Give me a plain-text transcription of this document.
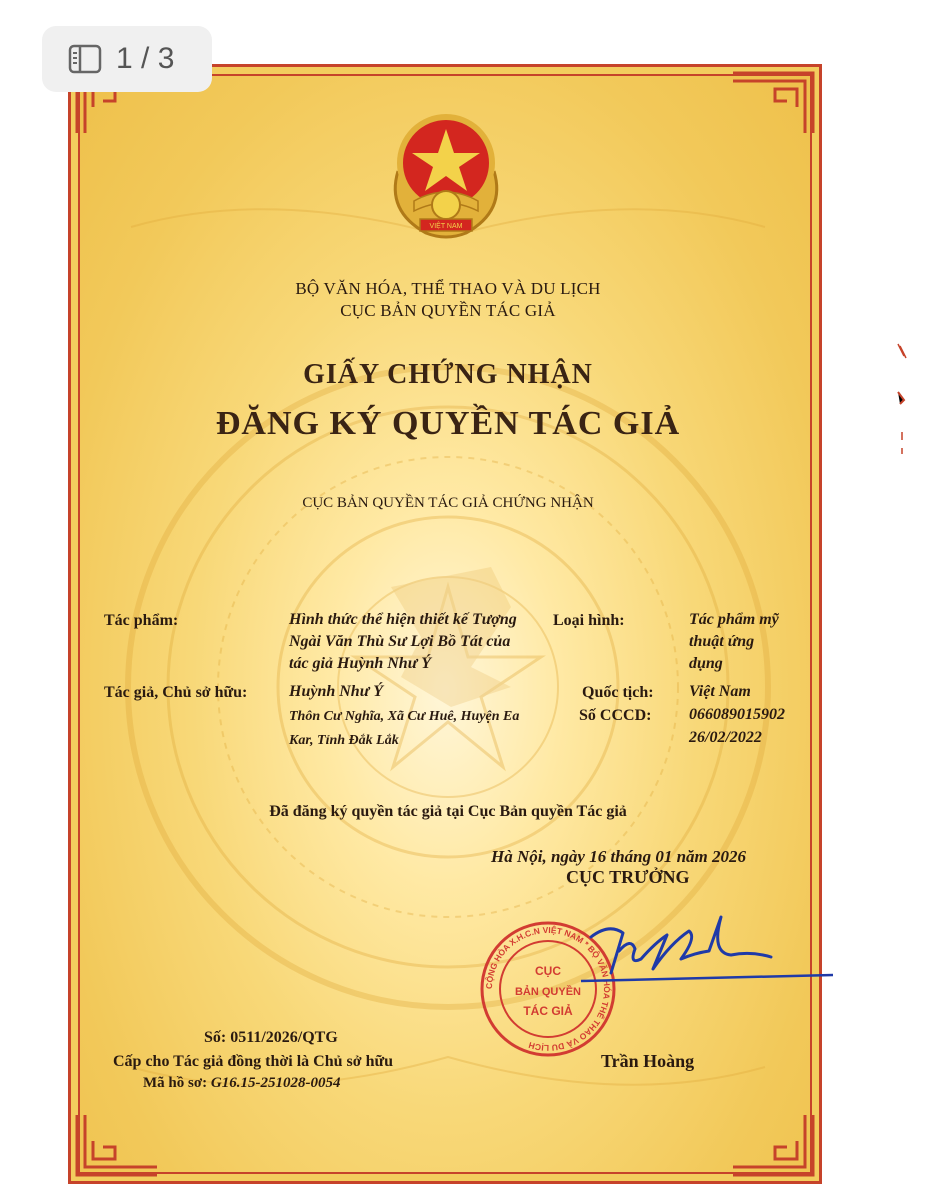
1 / 3
VIỆT NAM
BỘ VĂN HÓA, THỂ THAO VÀ DU LỊCH
CỤC BẢN QUYỀN TÁC GIẢ
GIẤY CHỨNG NHẬN
ĐĂNG KÝ QUYỀN TÁC GIẢ
CỤC BẢN QUYỀN TÁC GIẢ CHỨNG NHẬN
Tác phẩm:	Hình thức thể hiện thiết kế Tượng
Ngài Văn Thù Sư Lợi Bồ Tát của
tác giả Huỳnh Như Ý
Loại hình:	Tác phẩm mỹ
thuật ứng
dụng
Tác giả, Chủ sở hữu:	Huỳnh Như Ý
Thôn Cư Nghĩa, Xã Cư Huê, Huyện Ea
Kar, Tỉnh Đắk Lắk
Quốc tịch: Việt Nam
Số CCCD: 066089015902
26/02/2022
Đã đăng ký quyền tác giả tại Cục Bản quyền Tác giả
Hà Nội, ngày 16 tháng 01 năm 2026
CỤC TRƯỞNG
CỘNG HÒA X.H.C.N VIỆT NAM * BỘ VĂN HÓA THỂ THAO VÀ DU LỊCH
CỤC
BẢN QUYỀN
TÁC GIẢ
Trần Hoàng
Số: 0511/2026/QTG
Cấp cho Tác giả đồng thời là Chủ sở hữu
Mã hồ sơ: G16.15-251028-0054
